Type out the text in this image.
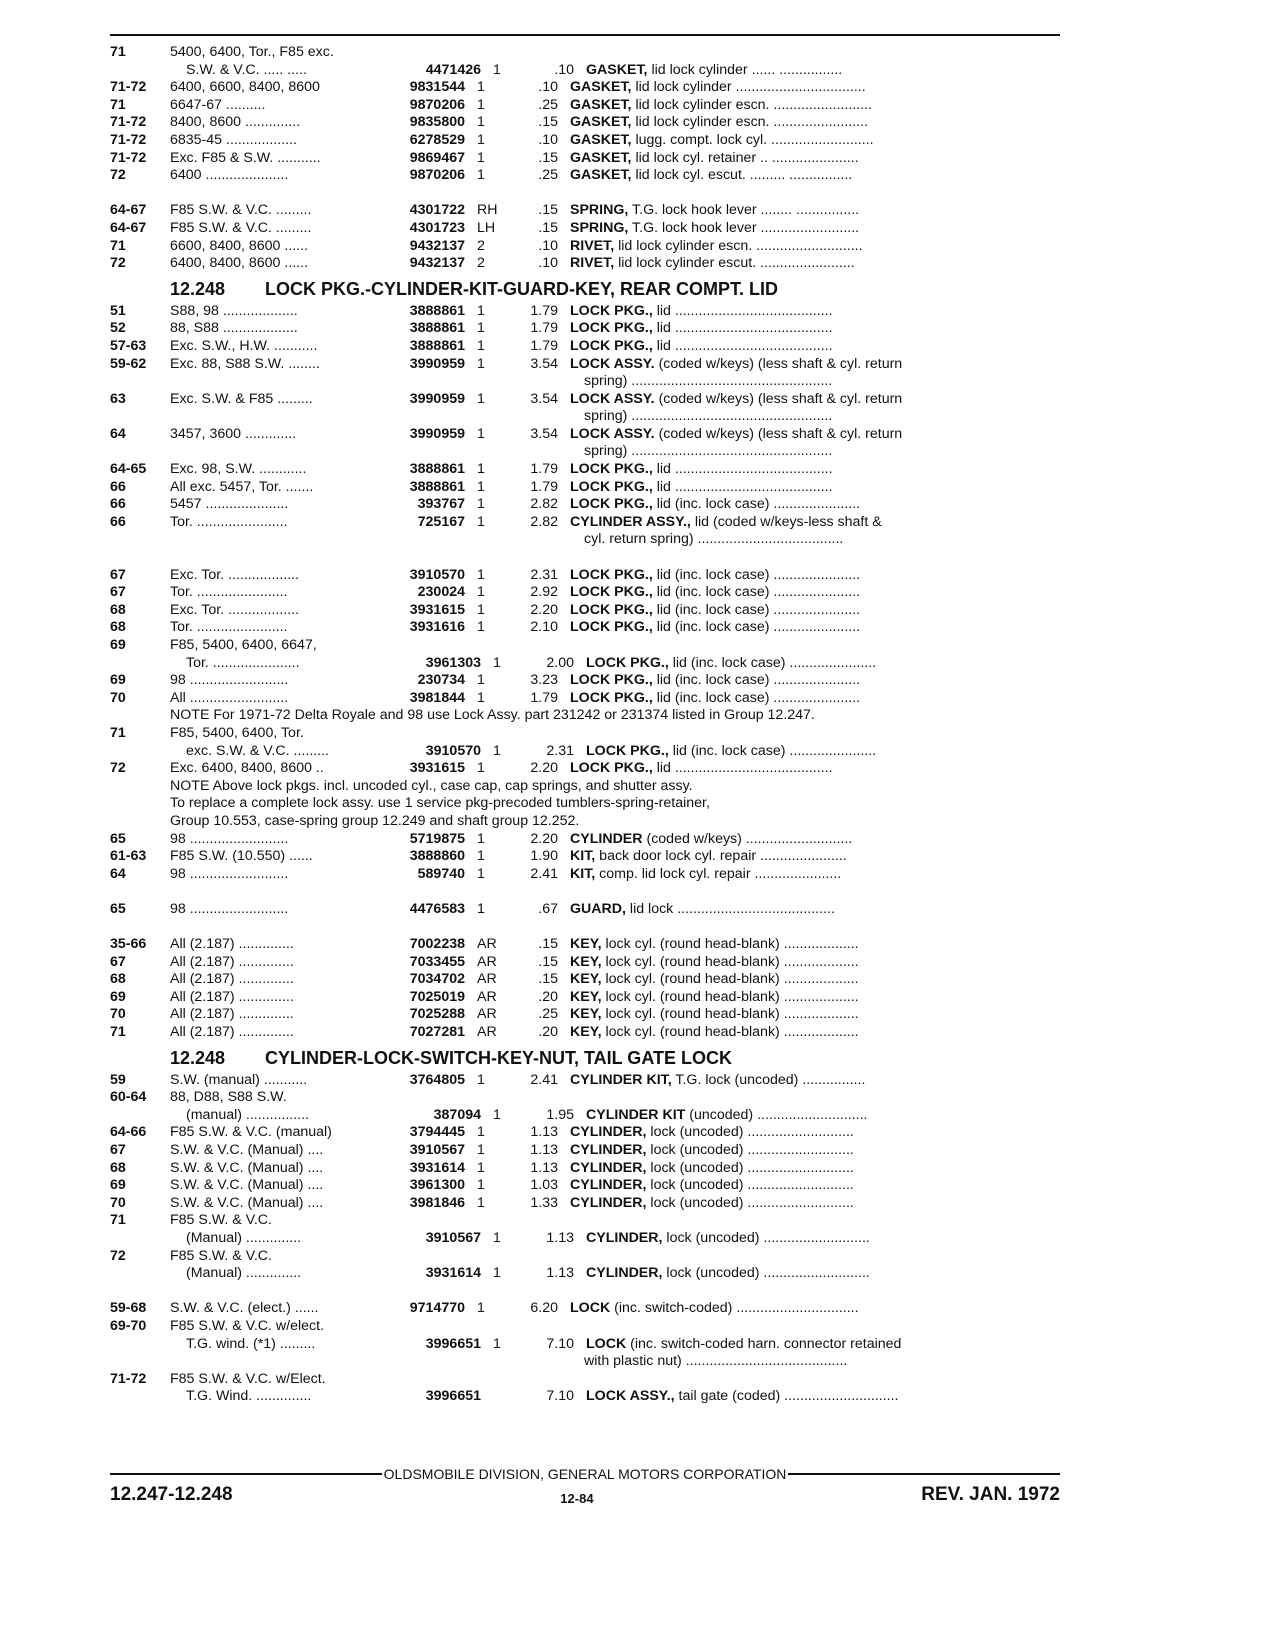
71	5400, 6400, Tor., F85 exc.
S.W. & V.C. ..... .....	4471426 1	.10 GASKET, lid lock cylinder ...... ................
71-72	6400, 6600, 8400, 8600	9831544 1	.10 GASKET, lid lock cylinder .................................
71	6647-67 ..........	9870206 1	.25 GASKET, lid lock cylinder escn. .........................
71-72	8400, 8600 ..............	9835800 1	.15 GASKET, lid lock cylinder escn. ........................
71-72	6835-45 ..................	6278529 1	.10 GASKET, lugg. compt. lock cyl. ..........................
71-72	Exc. F85 & S.W. ...........	9869467 1	.15 GASKET, lid lock cyl. retainer .. ......................
72	6400 .....................	9870206 1	.25 GASKET, lid lock cyl. escut. ......... ................
64-67	F85 S.W. & V.C. .........	4301722 RH	.15 SPRING, T.G. lock hook lever ........ ................
64-67	F85 S.W. & V.C. .........	4301723 LH	.15 SPRING, T.G. lock hook lever .........................
71	6600, 8400, 8600 ......	9432137 2	.10 RIVET, lid lock cylinder escn. ...........................
72	6400, 8400, 8600 ......	9432137 2	.10 RIVET, lid lock cylinder escut. ........................
12.248 LOCK PKG.-CYLINDER-KIT-GUARD-KEY, REAR COMPT. LID
51	S88, 98 ...................	3888861 1	1.79 LOCK PKG., lid ........................................
52	88, S88 ...................	3888861 1	1.79 LOCK PKG., lid ........................................
57-63	Exc. S.W., H.W. ...........	3888861 1	1.79 LOCK PKG., lid ........................................
59-62	Exc. 88, S88 S.W. ........	3990959 1	3.54 LOCK ASSY. (coded w/keys) (less shaft & cyl. return
spring) ...................................................
63	Exc. S.W. & F85 .........	3990959 1	3.54 LOCK ASSY. (coded w/keys) (less shaft & cyl. return
spring) ...................................................
64	3457, 3600 .............	3990959 1	3.54 LOCK ASSY. (coded w/keys) (less shaft & cyl. return
spring) ...................................................
64-65	Exc. 98, S.W. ............	3888861 1	1.79 LOCK PKG., lid ........................................
66	All exc. 5457, Tor. .......	3888861 1	1.79 LOCK PKG., lid ........................................
66	5457 .....................	393767 1	2.82 LOCK PKG., lid (inc. lock case) ......................
66	Tor. .......................	725167 1	2.82 CYLINDER ASSY., lid (coded w/keys-less shaft &
cyl. return spring) .....................................
67	Exc. Tor. ..................	3910570 1	2.31 LOCK PKG., lid (inc. lock case) ......................
67	Tor. .......................	230024 1	2.92 LOCK PKG., lid (inc. lock case) ......................
68	Exc. Tor. ..................	3931615 1	2.20 LOCK PKG., lid (inc. lock case) ......................
68	Tor. .......................	3931616 1	2.10 LOCK PKG., lid (inc. lock case) ......................
69	F85, 5400, 6400, 6647,
Tor. ......................	3961303 1	2.00 LOCK PKG., lid (inc. lock case) ......................
69	98 .........................	230734 1	3.23 LOCK PKG., lid (inc. lock case) ......................
70	All .........................	3981844 1	1.79 LOCK PKG., lid (inc. lock case) ......................
NOTE For 1971-72 Delta Royale and 98 use Lock Assy. part 231242 or 231374 listed in Group 12.247.
71	F85, 5400, 6400, Tor.
exc. S.W. & V.C. .........	3910570 1	2.31 LOCK PKG., lid (inc. lock case) ......................
72	Exc. 6400, 8400, 8600 ..	3931615 1	2.20 LOCK PKG., lid ........................................
NOTE Above lock pkgs. incl. uncoded cyl., case cap, cap springs, and shutter assy.
To replace a complete lock assy. use 1 service pkg-precoded tumblers-spring-retainer,
Group 10.553, case-spring group 12.249 and shaft group 12.252.
65	98 .........................	5719875 1	2.20 CYLINDER (coded w/keys) ...........................
61-63	F85 S.W. (10.550) ......	3888860 1	1.90 KIT, back door lock cyl. repair ......................
64	98 .........................	589740 1	2.41 KIT, comp. lid lock cyl. repair ......................
65	98 .........................	4476583 1	.67 GUARD, lid lock ........................................
35-66	All (2.187) ..............	7002238 AR	.15 KEY, lock cyl. (round head-blank) ...................
67	All (2.187) ..............	7033455 AR	.15 KEY, lock cyl. (round head-blank) ...................
68	All (2.187) ..............	7034702 AR	.15 KEY, lock cyl. (round head-blank) ...................
69	All (2.187) ..............	7025019 AR	.20 KEY, lock cyl. (round head-blank) ...................
70	All (2.187) ..............	7025288 AR	.25 KEY, lock cyl. (round head-blank) ...................
71	All (2.187) ..............	7027281 AR	.20 KEY, lock cyl. (round head-blank) ...................
12.248 CYLINDER-LOCK-SWITCH-KEY-NUT, TAIL GATE LOCK
59	S.W. (manual) ...........	3764805 1	2.41 CYLINDER KIT, T.G. lock (uncoded) ................
60-64	88, D88, S88 S.W.
(manual) ................	387094 1	1.95 CYLINDER KIT (uncoded) ............................
64-66	F85 S.W. & V.C. (manual)	3794445 1	1.13 CYLINDER, lock (uncoded) ...........................
67	S.W. & V.C. (Manual) ....	3910567 1	1.13 CYLINDER, lock (uncoded) ...........................
68	S.W. & V.C. (Manual) ....	3931614 1	1.13 CYLINDER, lock (uncoded) ...........................
69	S.W. & V.C. (Manual) ....	3961300 1	1.03 CYLINDER, lock (uncoded) ...........................
70	S.W. & V.C. (Manual) ....	3981846 1	1.33 CYLINDER, lock (uncoded) ...........................
71	F85 S.W. & V.C.
(Manual) ..............	3910567 1	1.13 CYLINDER, lock (uncoded) ...........................
72	F85 S.W. & V.C.
(Manual) ..............	3931614 1	1.13 CYLINDER, lock (uncoded) ...........................
59-68	S.W. & V.C. (elect.) ......	9714770 1	6.20 LOCK (inc. switch-coded) ...............................
69-70	F85 S.W. & V.C. w/elect.
T.G. wind. (*1) .........	3996651 1	7.10 LOCK (inc. switch-coded harn. connector retained
with plastic nut) .........................................
71-72	F85 S.W. & V.C. w/Elect.
T.G. Wind. ..............	3996651	7.10 LOCK ASSY., tail gate (coded) .............................
OLDSMOBILE DIVISION, GENERAL MOTORS CORPORATION
12.247-12.248	12-84	REV. JAN. 1972
